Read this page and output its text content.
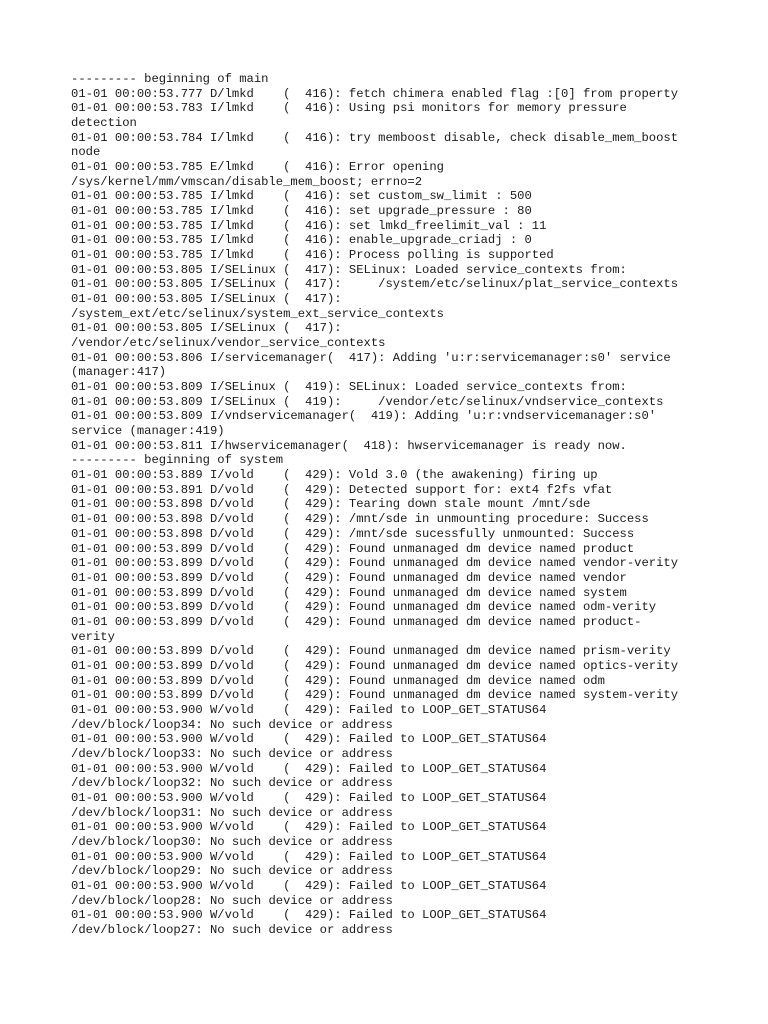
--------- beginning of main
01-01 00:00:53.777 D/lmkd    (  416): fetch chimera enabled flag :[0] from property
01-01 00:00:53.783 I/lmkd    (  416): Using psi monitors for memory pressure
detection
01-01 00:00:53.784 I/lmkd    (  416): try memboost disable, check disable_mem_boost
node
01-01 00:00:53.785 E/lmkd    (  416): Error opening
/sys/kernel/mm/vmscan/disable_mem_boost; errno=2
01-01 00:00:53.785 I/lmkd    (  416): set custom_sw_limit : 500
01-01 00:00:53.785 I/lmkd    (  416): set upgrade_pressure : 80
01-01 00:00:53.785 I/lmkd    (  416): set lmkd_freelimit_val : 11
01-01 00:00:53.785 I/lmkd    (  416): enable_upgrade_criadj : 0
01-01 00:00:53.785 I/lmkd    (  416): Process polling is supported
01-01 00:00:53.805 I/SELinux (  417): SELinux: Loaded service_contexts from:
01-01 00:00:53.805 I/SELinux (  417):     /system/etc/selinux/plat_service_contexts
01-01 00:00:53.805 I/SELinux (  417):
/system_ext/etc/selinux/system_ext_service_contexts
01-01 00:00:53.805 I/SELinux (  417):
/vendor/etc/selinux/vendor_service_contexts
01-01 00:00:53.806 I/servicemanager(  417): Adding 'u:r:servicemanager:s0' service
(manager:417)
01-01 00:00:53.809 I/SELinux (  419): SELinux: Loaded service_contexts from:
01-01 00:00:53.809 I/SELinux (  419):     /vendor/etc/selinux/vndservice_contexts
01-01 00:00:53.809 I/vndservicemanager(  419): Adding 'u:r:vndservicemanager:s0'
service (manager:419)
01-01 00:00:53.811 I/hwservicemanager(  418): hwservicemanager is ready now.
--------- beginning of system
01-01 00:00:53.889 I/vold    (  429): Vold 3.0 (the awakening) firing up
01-01 00:00:53.891 D/vold    (  429): Detected support for: ext4 f2fs vfat
01-01 00:00:53.898 D/vold    (  429): Tearing down stale mount /mnt/sde
01-01 00:00:53.898 D/vold    (  429): /mnt/sde in unmounting procedure: Success
01-01 00:00:53.898 D/vold    (  429): /mnt/sde sucessfully unmounted: Success
01-01 00:00:53.899 D/vold    (  429): Found unmanaged dm device named product
01-01 00:00:53.899 D/vold    (  429): Found unmanaged dm device named vendor-verity
01-01 00:00:53.899 D/vold    (  429): Found unmanaged dm device named vendor
01-01 00:00:53.899 D/vold    (  429): Found unmanaged dm device named system
01-01 00:00:53.899 D/vold    (  429): Found unmanaged dm device named odm-verity
01-01 00:00:53.899 D/vold    (  429): Found unmanaged dm device named product-
verity
01-01 00:00:53.899 D/vold    (  429): Found unmanaged dm device named prism-verity
01-01 00:00:53.899 D/vold    (  429): Found unmanaged dm device named optics-verity
01-01 00:00:53.899 D/vold    (  429): Found unmanaged dm device named odm
01-01 00:00:53.899 D/vold    (  429): Found unmanaged dm device named system-verity
01-01 00:00:53.900 W/vold    (  429): Failed to LOOP_GET_STATUS64
/dev/block/loop34: No such device or address
01-01 00:00:53.900 W/vold    (  429): Failed to LOOP_GET_STATUS64
/dev/block/loop33: No such device or address
01-01 00:00:53.900 W/vold    (  429): Failed to LOOP_GET_STATUS64
/dev/block/loop32: No such device or address
01-01 00:00:53.900 W/vold    (  429): Failed to LOOP_GET_STATUS64
/dev/block/loop31: No such device or address
01-01 00:00:53.900 W/vold    (  429): Failed to LOOP_GET_STATUS64
/dev/block/loop30: No such device or address
01-01 00:00:53.900 W/vold    (  429): Failed to LOOP_GET_STATUS64
/dev/block/loop29: No such device or address
01-01 00:00:53.900 W/vold    (  429): Failed to LOOP_GET_STATUS64
/dev/block/loop28: No such device or address
01-01 00:00:53.900 W/vold    (  429): Failed to LOOP_GET_STATUS64
/dev/block/loop27: No such device or address
